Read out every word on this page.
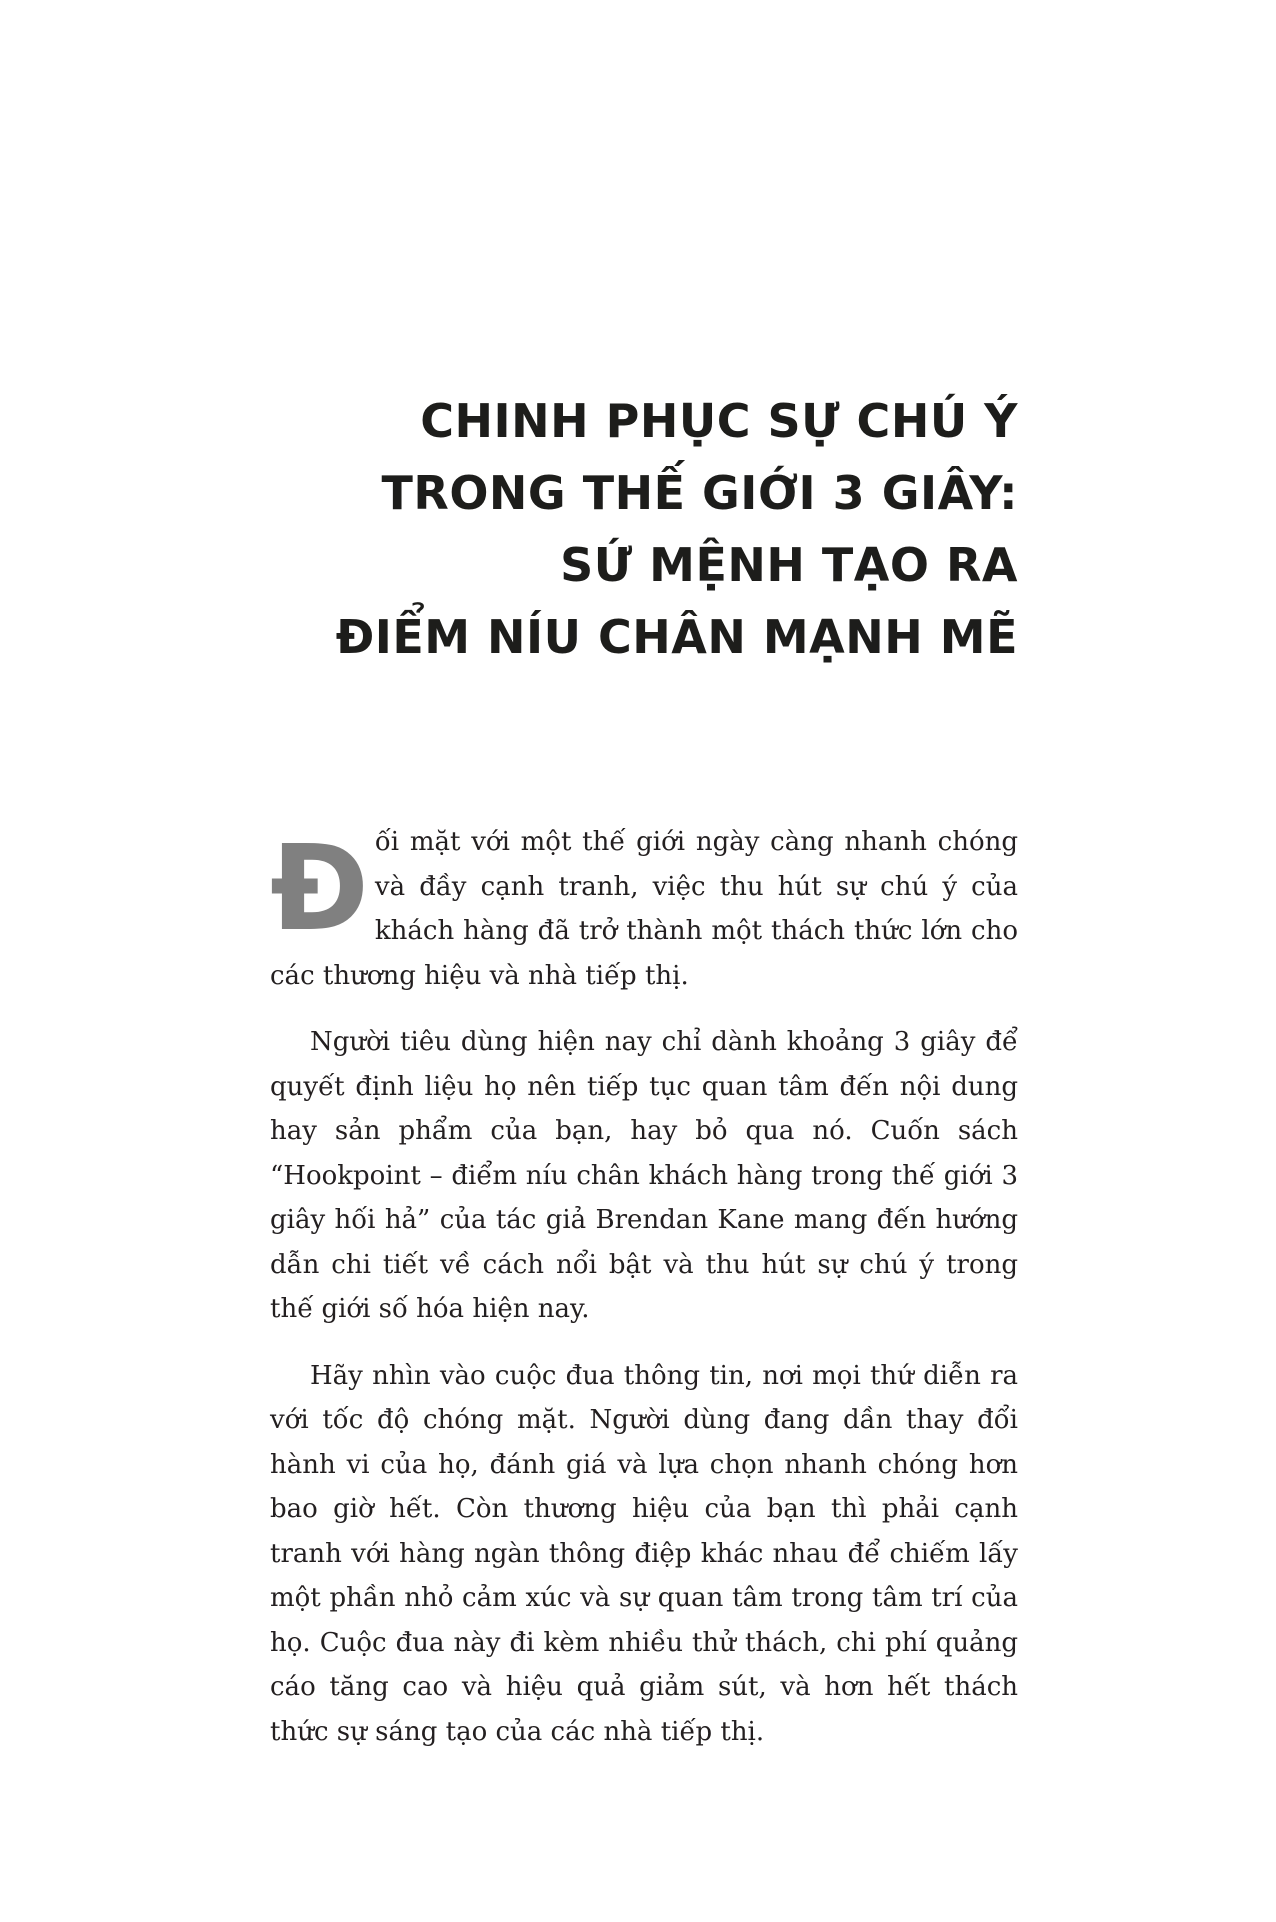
CHINH PHỤC SỰ CHÚ Ý
TRONG THẾ GIỚI 3 GIÂY:
SỨ MỆNH TẠO RA
ĐIỂM NÍU CHÂN MẠNH MẼ

Đối mặt với một thế giới ngày càng nhanh chóng và đầy cạnh tranh, việc thu hút sự chú ý của khách hàng đã trở thành một thách thức lớn cho các thương hiệu và nhà tiếp thị.

Người tiêu dùng hiện nay chỉ dành khoảng 3 giây để quyết định liệu họ nên tiếp tục quan tâm đến nội dung hay sản phẩm của bạn, hay bỏ qua nó. Cuốn sách “Hookpoint – điểm níu chân khách hàng trong thế giới 3 giây hối hả” của tác giả Brendan Kane mang đến hướng dẫn chi tiết về cách nổi bật và thu hút sự chú ý trong thế giới số hóa hiện nay.

Hãy nhìn vào cuộc đua thông tin, nơi mọi thứ diễn ra với tốc độ chóng mặt. Người dùng đang dần thay đổi hành vi của họ, đánh giá và lựa chọn nhanh chóng hơn bao giờ hết. Còn thương hiệu của bạn thì phải cạnh tranh với hàng ngàn thông điệp khác nhau để chiếm lấy một phần nhỏ cảm xúc và sự quan tâm trong tâm trí của họ. Cuộc đua này đi kèm nhiều thử thách, chi phí quảng cáo tăng cao và hiệu quả giảm sút, và hơn hết thách thức sự sáng tạo của các nhà tiếp thị.
